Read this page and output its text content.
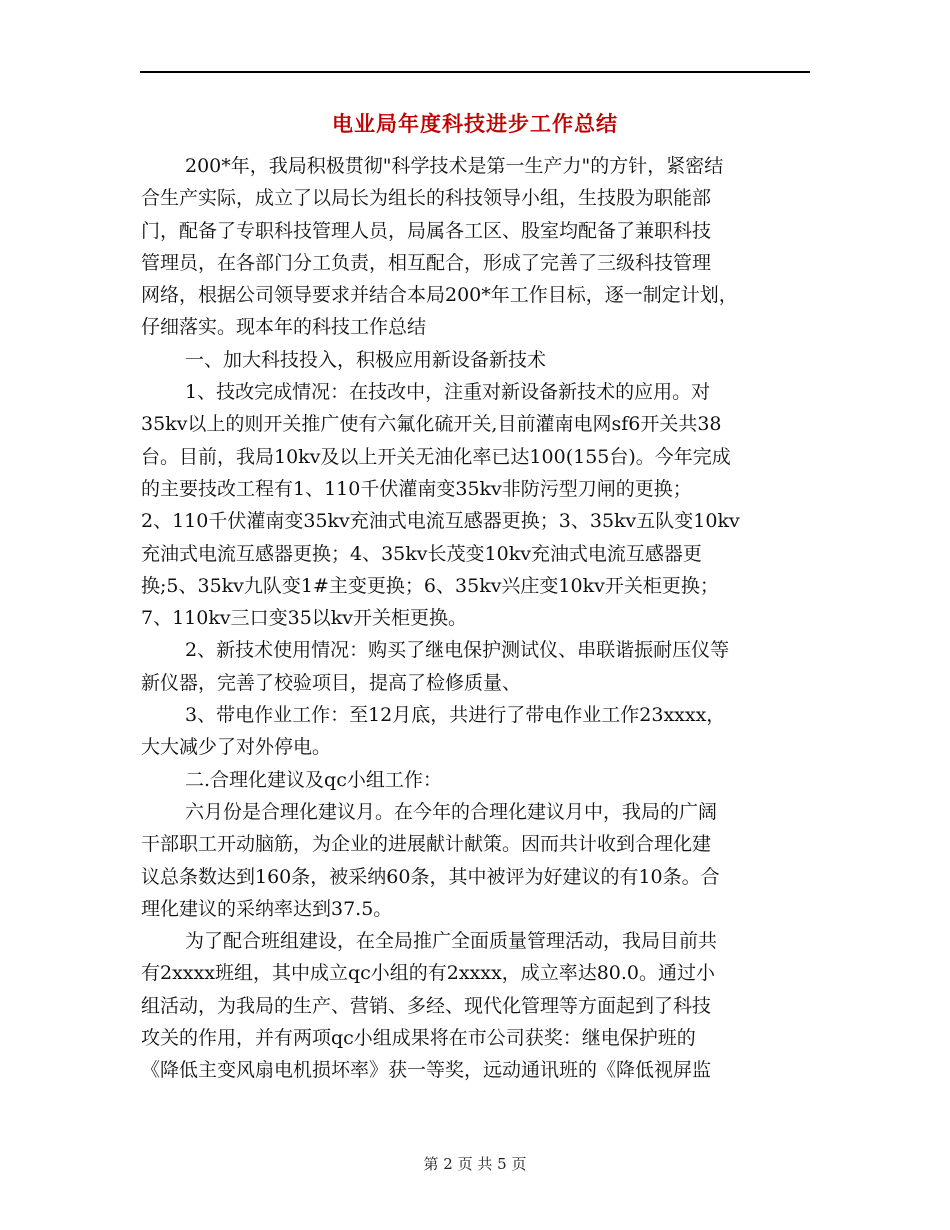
电业局年度科技进步工作总结
200*年，我局积极贯彻"科学技术是第一生产力"的方针，紧密结
合生产实际，成立了以局长为组长的科技领导小组，生技股为职能部
门，配备了专职科技管理人员，局属各工区、股室均配备了兼职科技
管理员，在各部门分工负责，相互配合，形成了完善了三级科技管理
网络，根据公司领导要求并结合本局200*年工作目标，逐一制定计划，
仔细落实。现本年的科技工作总结
一、加大科技投入，积极应用新设备新技术
1、技改完成情况：在技改中，注重对新设备新技术的应用。对
35kv以上的则开关推广使有六氟化硫开关,目前灌南电网sf6开关共38
台。目前，我局10kv及以上开关无油化率已达100(155台)。今年完成
的主要技改工程有1、110千伏灌南变35kv非防污型刀闸的更换；
2、110千伏灌南变35kv充油式电流互感器更换；3、35kv五队变10kv
充油式电流互感器更换；4、35kv长茂变10kv充油式电流互感器更
换;5、35kv九队变1#主变更换；6、35kv兴庄变10kv开关柜更换；
7、110kv三口变35以kv开关柜更换。
2、新技术使用情况：购买了继电保护测试仪、串联谐振耐压仪等
新仪器，完善了校验项目，提高了检修质量、
3、带电作业工作：至12月底，共进行了带电作业工作23xxxx，
大大减少了对外停电。
二.合理化建议及qc小组工作：
六月份是合理化建议月。在今年的合理化建议月中，我局的广阔
干部职工开动脑筋，为企业的进展献计献策。因而共计收到合理化建
议总条数达到160条，被采纳60条，其中被评为好建议的有10条。合
理化建议的采纳率达到37.5。
为了配合班组建设，在全局推广全面质量管理活动，我局目前共
有2xxxx班组，其中成立qc小组的有2xxxx，成立率达80.0。通过小
组活动，为我局的生产、营销、多经、现代化管理等方面起到了科技
攻关的作用，并有两项qc小组成果将在市公司获奖：继电保护班的
《降低主变风扇电机损坏率》获一等奖，远动通讯班的《降低视屏监
第 2 页 共 5 页
